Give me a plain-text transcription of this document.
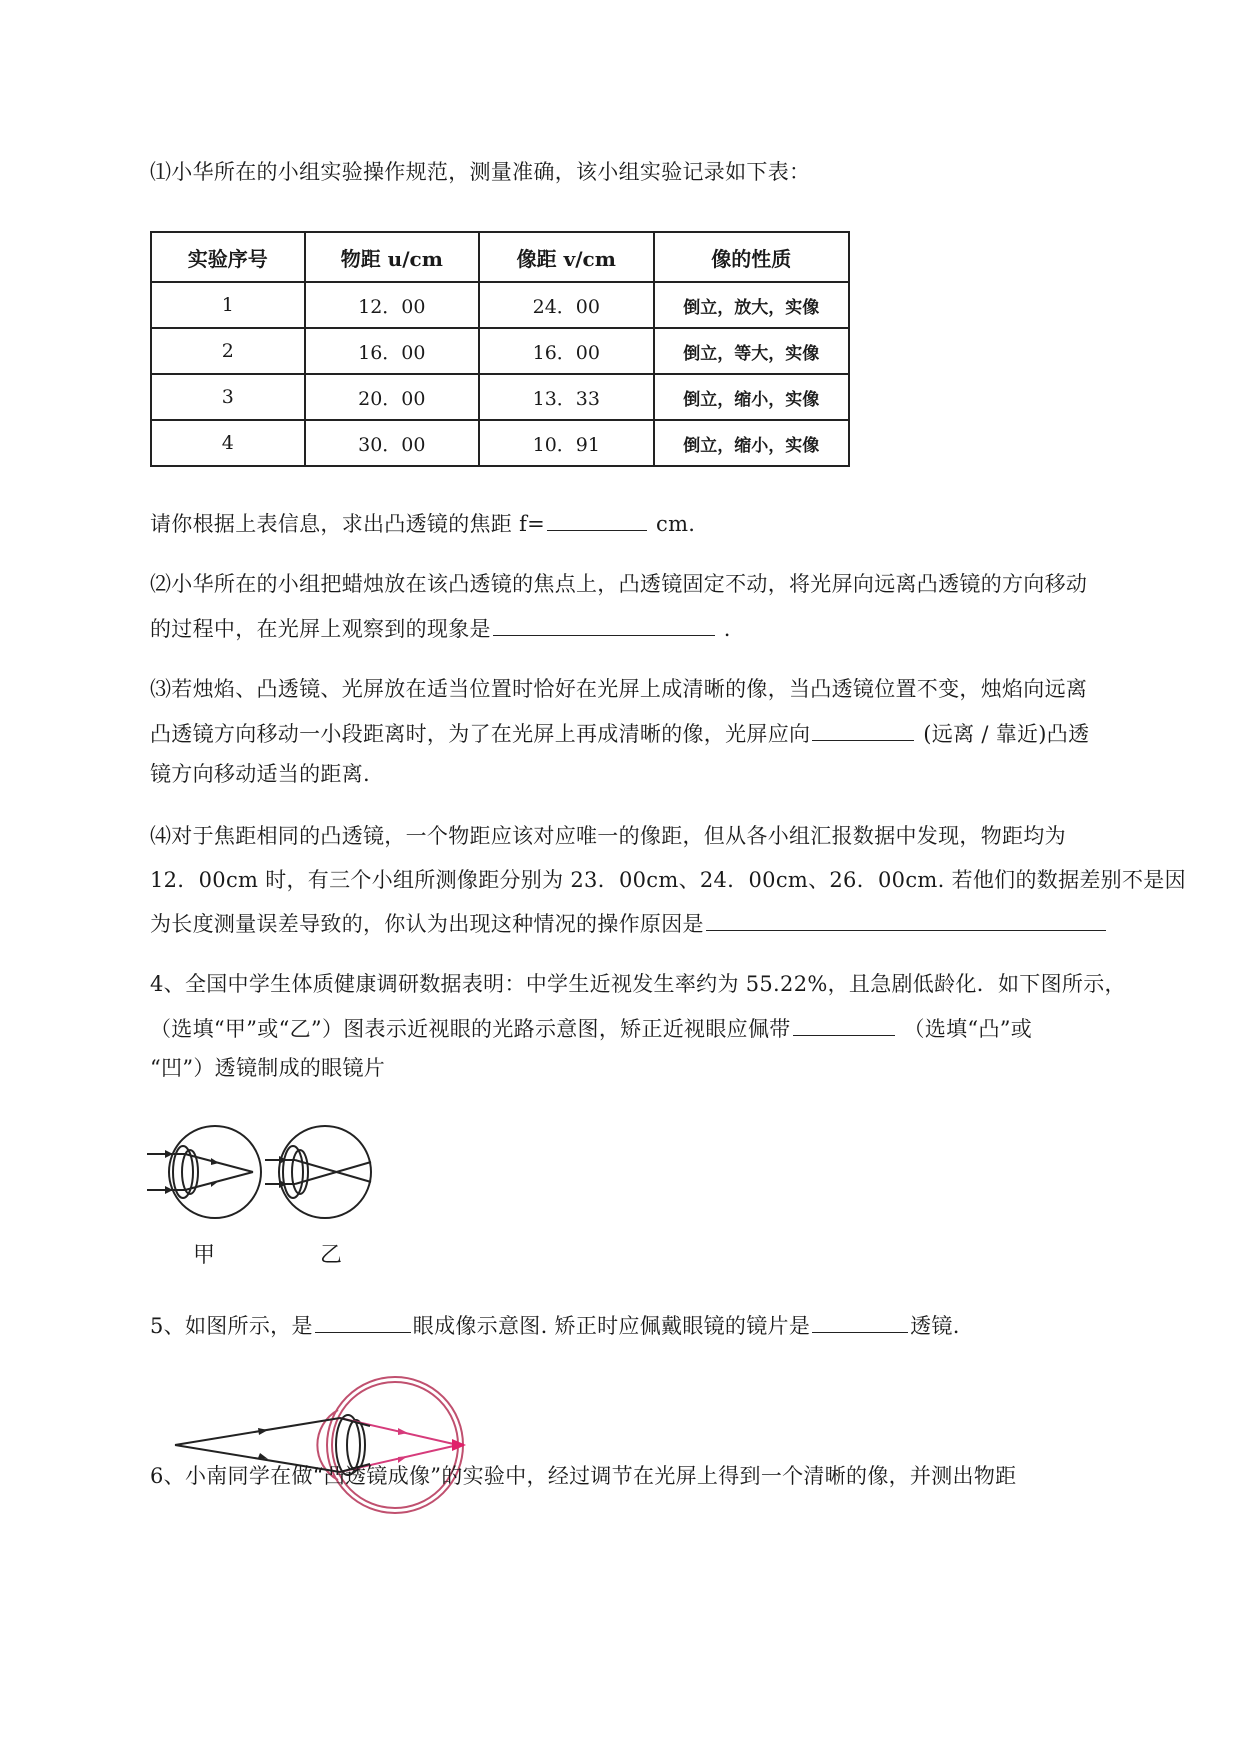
⑴小华所在的小组实验操作规范，测量准确，该小组实验记录如下表：
实验序号	物距 u/cm	像距 v/cm	像的性质
1	12．00	24．00	倒立，放大，实像
2	16．00	16．00	倒立，等大，实像
3	20．00	13．33	倒立，缩小，实像
4	30．00	10．91	倒立，缩小，实像
请你根据上表信息，求出凸透镜的焦距 f=	cm.
⑵小华所在的小组把蜡烛放在该凸透镜的焦点上，凸透镜固定不动，将光屏向远离凸透镜的方向移动
的过程中，在光屏上观察到的现象是	.
⑶若烛焰、凸透镜、光屏放在适当位置时恰好在光屏上成清晰的像，当凸透镜位置不变，烛焰向远离
凸透镜方向移动一小段距离时，为了在光屏上再成清晰的像，光屏应向	(远离 / 靠近)凸透
镜方向移动适当的距离.
⑷对于焦距相同的凸透镜，一个物距应该对应唯一的像距，但从各小组汇报数据中发现，物距均为
12．00cm 时，有三个小组所测像距分别为 23．00cm、24．00cm、26．00cm. 若他们的数据差别不是因
为长度测量误差导致的，你认为出现这种情况的操作原因是
4、全国中学生体质健康调研数据表明：中学生近视发生率约为 55.22%，且急剧低龄化．如下图所示，
（选填“甲”或“乙”）图表示近视眼的光路示意图，矫正近视眼应佩带	（选填“凸”或
“凹”）透镜制成的眼镜片
甲	乙
5、如图所示，是	眼成像示意图. 矫正时应佩戴眼镜的镜片是	透镜.
6、小南同学在做“凸透镜成像”的实验中，经过调节在光屏上得到一个清晰的像，并测出物距
